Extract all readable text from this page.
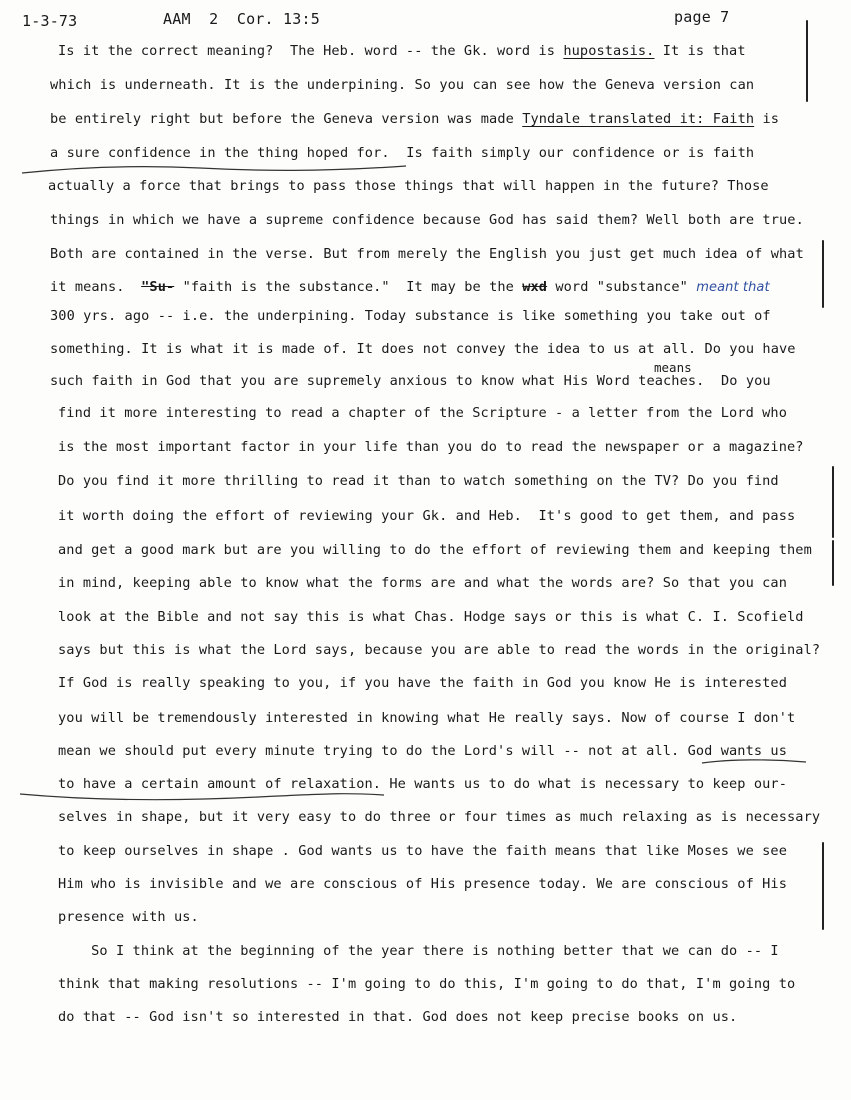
1-3-73	AAM  2  Cor. 13:5	page 7
means
Is it the correct meaning?  The Heb. word -- the Gk. word is hupostasis. It is that
which is underneath. It is the underpining. So you can see how the Geneva version can
be entirely right but before the Geneva version was made Tyndale translated it: Faith is
a sure confidence in the thing hoped for.  Is faith simply our confidence or is faith
actually a force that brings to pass those things that will happen in the future? Those
things in which we have a supreme confidence because God has said them? Well both are true.
Both are contained in the verse. But from merely the English you just get much idea of what
it means.  "Su- "faith is the substance."  It may be the wxd word "substance" meant that
300 yrs. ago -- i.e. the underpining. Today substance is like something you take out of
something. It is what it is made of. It does not convey the idea to us at all. Do you have
such faith in God that you are supremely anxious to know what His Word teaches.  Do you
find it more interesting to read a chapter of the Scripture - a letter from the Lord who
is the most important factor in your life than you do to read the newspaper or a magazine?
Do you find it more thrilling to read it than to watch something on the TV? Do you find
it worth doing the effort of reviewing your Gk. and Heb.  It's good to get them, and pass
and get a good mark but are you willing to do the effort of reviewing them and keeping them
in mind, keeping able to know what the forms are and what the words are? So that you can
look at the Bible and not say this is what Chas. Hodge says or this is what C. I. Scofield
says but this is what the Lord says, because you are able to read the words in the original?
If God is really speaking to you, if you have the faith in God you know He is interested
you will be tremendously interested in knowing what He really says. Now of course I don't
mean we should put every minute trying to do the Lord's will -- not at all. God wants us
to have a certain amount of relaxation. He wants us to do what is necessary to keep our-
selves in shape, but it very easy to do three or four times as much relaxing as is necessary
to keep ourselves in shape . God wants us to have the faith means that like Moses we see
Him who is invisible and we are conscious of His presence today. We are conscious of His
presence with us.
So I think at the beginning of the year there is nothing better that we can do -- I
think that making resolutions -- I'm going to do this, I'm going to do that, I'm going to
do that -- God isn't so interested in that. God does not keep precise books on us.
